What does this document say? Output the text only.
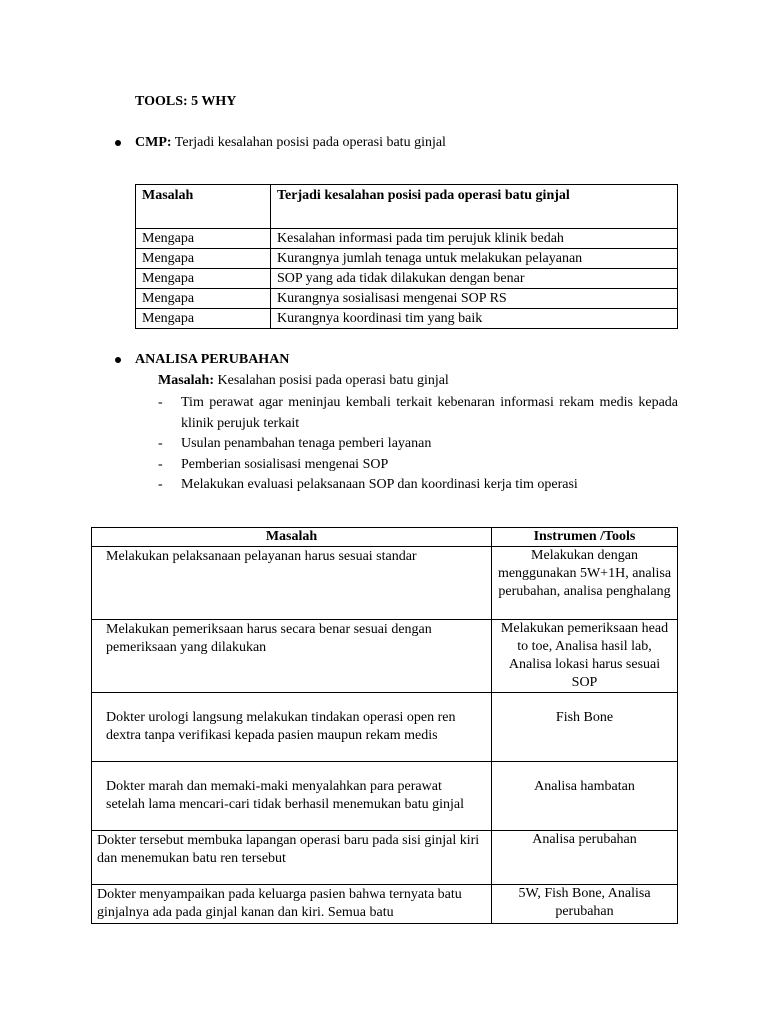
TOOLS: 5 WHY
CMP: Terjadi kesalahan posisi pada operasi batu ginjal
Masalah	Terjadi kesalahan posisi pada operasi batu ginjal
Mengapa	Kesalahan informasi pada tim perujuk klinik bedah
Mengapa	Kurangnya jumlah tenaga untuk melakukan pelayanan
Mengapa	SOP yang ada tidak dilakukan dengan benar
Mengapa	Kurangnya sosialisasi mengenai SOP RS
Mengapa	Kurangnya koordinasi tim yang baik
ANALISA PERUBAHAN
Masalah: Kesalahan posisi pada operasi batu ginjal
- Tim perawat agar meninjau kembali terkait kebenaran informasi rekam medis kepada klinik perujuk terkait
- Usulan penambahan tenaga pemberi layanan
- Pemberian sosialisasi mengenai SOP
- Melakukan evaluasi pelaksanaan SOP dan koordinasi kerja tim operasi
Masalah	Instrumen /Tools
Melakukan pelaksanaan pelayanan harus sesuai standar	Melakukan dengan menggunakan 5W+1H, analisa perubahan, analisa penghalang
Melakukan pemeriksaan harus secara benar sesuai dengan pemeriksaan yang dilakukan	Melakukan pemeriksaan head to toe, Analisa hasil lab, Analisa lokasi harus sesuai SOP
Dokter urologi langsung melakukan tindakan operasi open ren dextra tanpa verifikasi kepada pasien maupun rekam medis	Fish Bone
Dokter marah dan memaki-maki menyalahkan para perawat setelah lama mencari-cari tidak berhasil menemukan batu ginjal	Analisa hambatan
Dokter tersebut membuka lapangan operasi baru pada sisi ginjal kiri dan menemukan batu ren tersebut	Analisa perubahan
Dokter menyampaikan pada keluarga pasien bahwa ternyata batu ginjalnya ada pada ginjal kanan dan kiri. Semua batu	5W, Fish Bone, Analisa perubahan
